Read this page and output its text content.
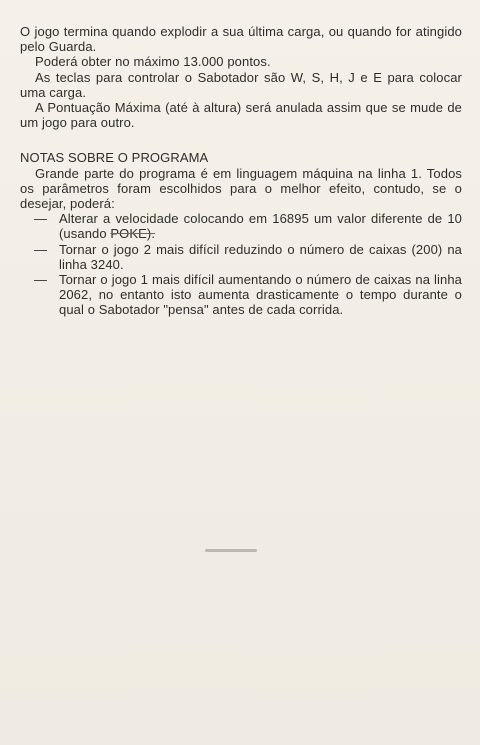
O jogo termina quando explodir a sua última carga, ou quando for atingido pelo Guarda.

Poderá obter no máximo 13.000 pontos.

As teclas para controlar o Sabotador são W, S, H, J e E para colocar uma carga.

A Pontuação Máxima (até à altura) será anulada assim que se mude de um jogo para outro.

NOTAS SOBRE O PROGRAMA

Grande parte do programa é em linguagem máquina na linha 1. Todos os parâmetros foram escolhidos para o melhor efeito, contudo, se o desejar, poderá:

— Alterar a velocidade colocando em 16895 um valor diferente de 10 (usando POKE).
— Tornar o jogo 2 mais difícil reduzindo o número de caixas (200) na linha 3240.
— Tornar o jogo 1 mais difícil aumentando o número de caixas na linha 2062, no entanto isto aumenta drasticamente o tempo durante o qual o Sabotador "pensa" antes de cada corrida.
